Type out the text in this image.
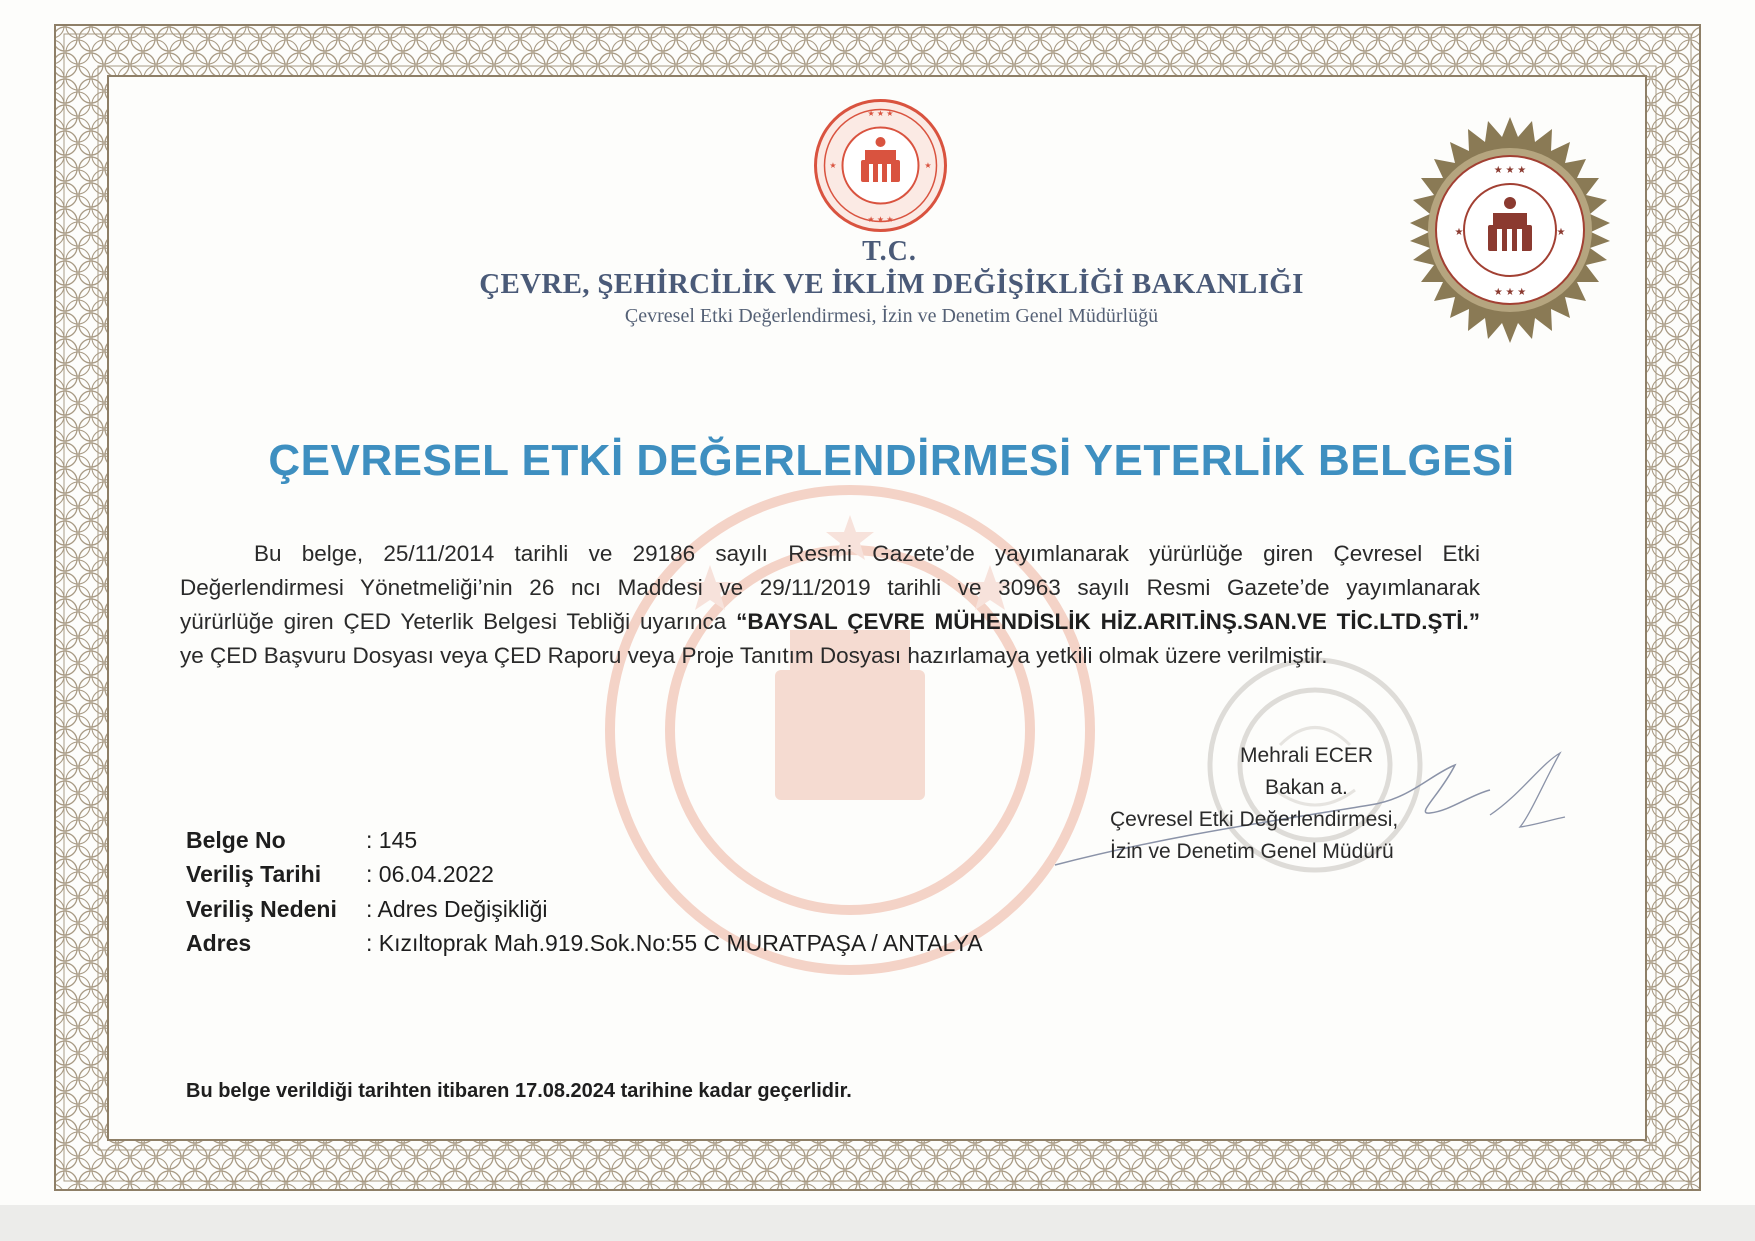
★ ★ ★
★	★
★ ★ ★
★ ★ ★
★	★
★ ★ ★
T.C.
ÇEVRE, ŞEHİRCİLİK VE İKLİM DEĞİŞİKLİĞİ BAKANLIĞI
Çevresel Etki Değerlendirmesi, İzin ve Denetim Genel Müdürlüğü
ÇEVRESEL ETKİ DEĞERLENDİRMESİ YETERLİK BELGESİ
Bu belge, 25/11/2014 tarihli ve 29186 sayılı Resmi Gazete’de yayımlanarak yürürlüğe giren Çevresel Etki
Değerlendirmesi Yönetmeliği’nin 26 ncı Maddesi ve 29/11/2019 tarihli ve 30963 sayılı Resmi Gazete’de yayımlanarak
yürürlüğe giren ÇED Yeterlik Belgesi Tebliği uyarınca “BAYSAL ÇEVRE MÜHENDİSLİK HİZ.ARIT.İNŞ.SAN.VE TİC.LTD.ŞTİ.”
ye ÇED Başvuru Dosyası veya ÇED Raporu veya Proje Tanıtım Dosyası hazırlamaya yetkili olmak üzere verilmiştir.
Mehrali ECER
Bakan a.
Çevresel Etki Değerlendirmesi,
İzin ve Denetim Genel Müdürü
Belge No	: 145
Veriliş Tarihi	: 06.04.2022
Veriliş Nedeni	: Adres Değişikliği
Adres	: Kızıltoprak Mah.919.Sok.No:55 C MURATPAŞA / ANTALYA
Bu belge verildiği tarihten itibaren 17.08.2024 tarihine kadar geçerlidir.
